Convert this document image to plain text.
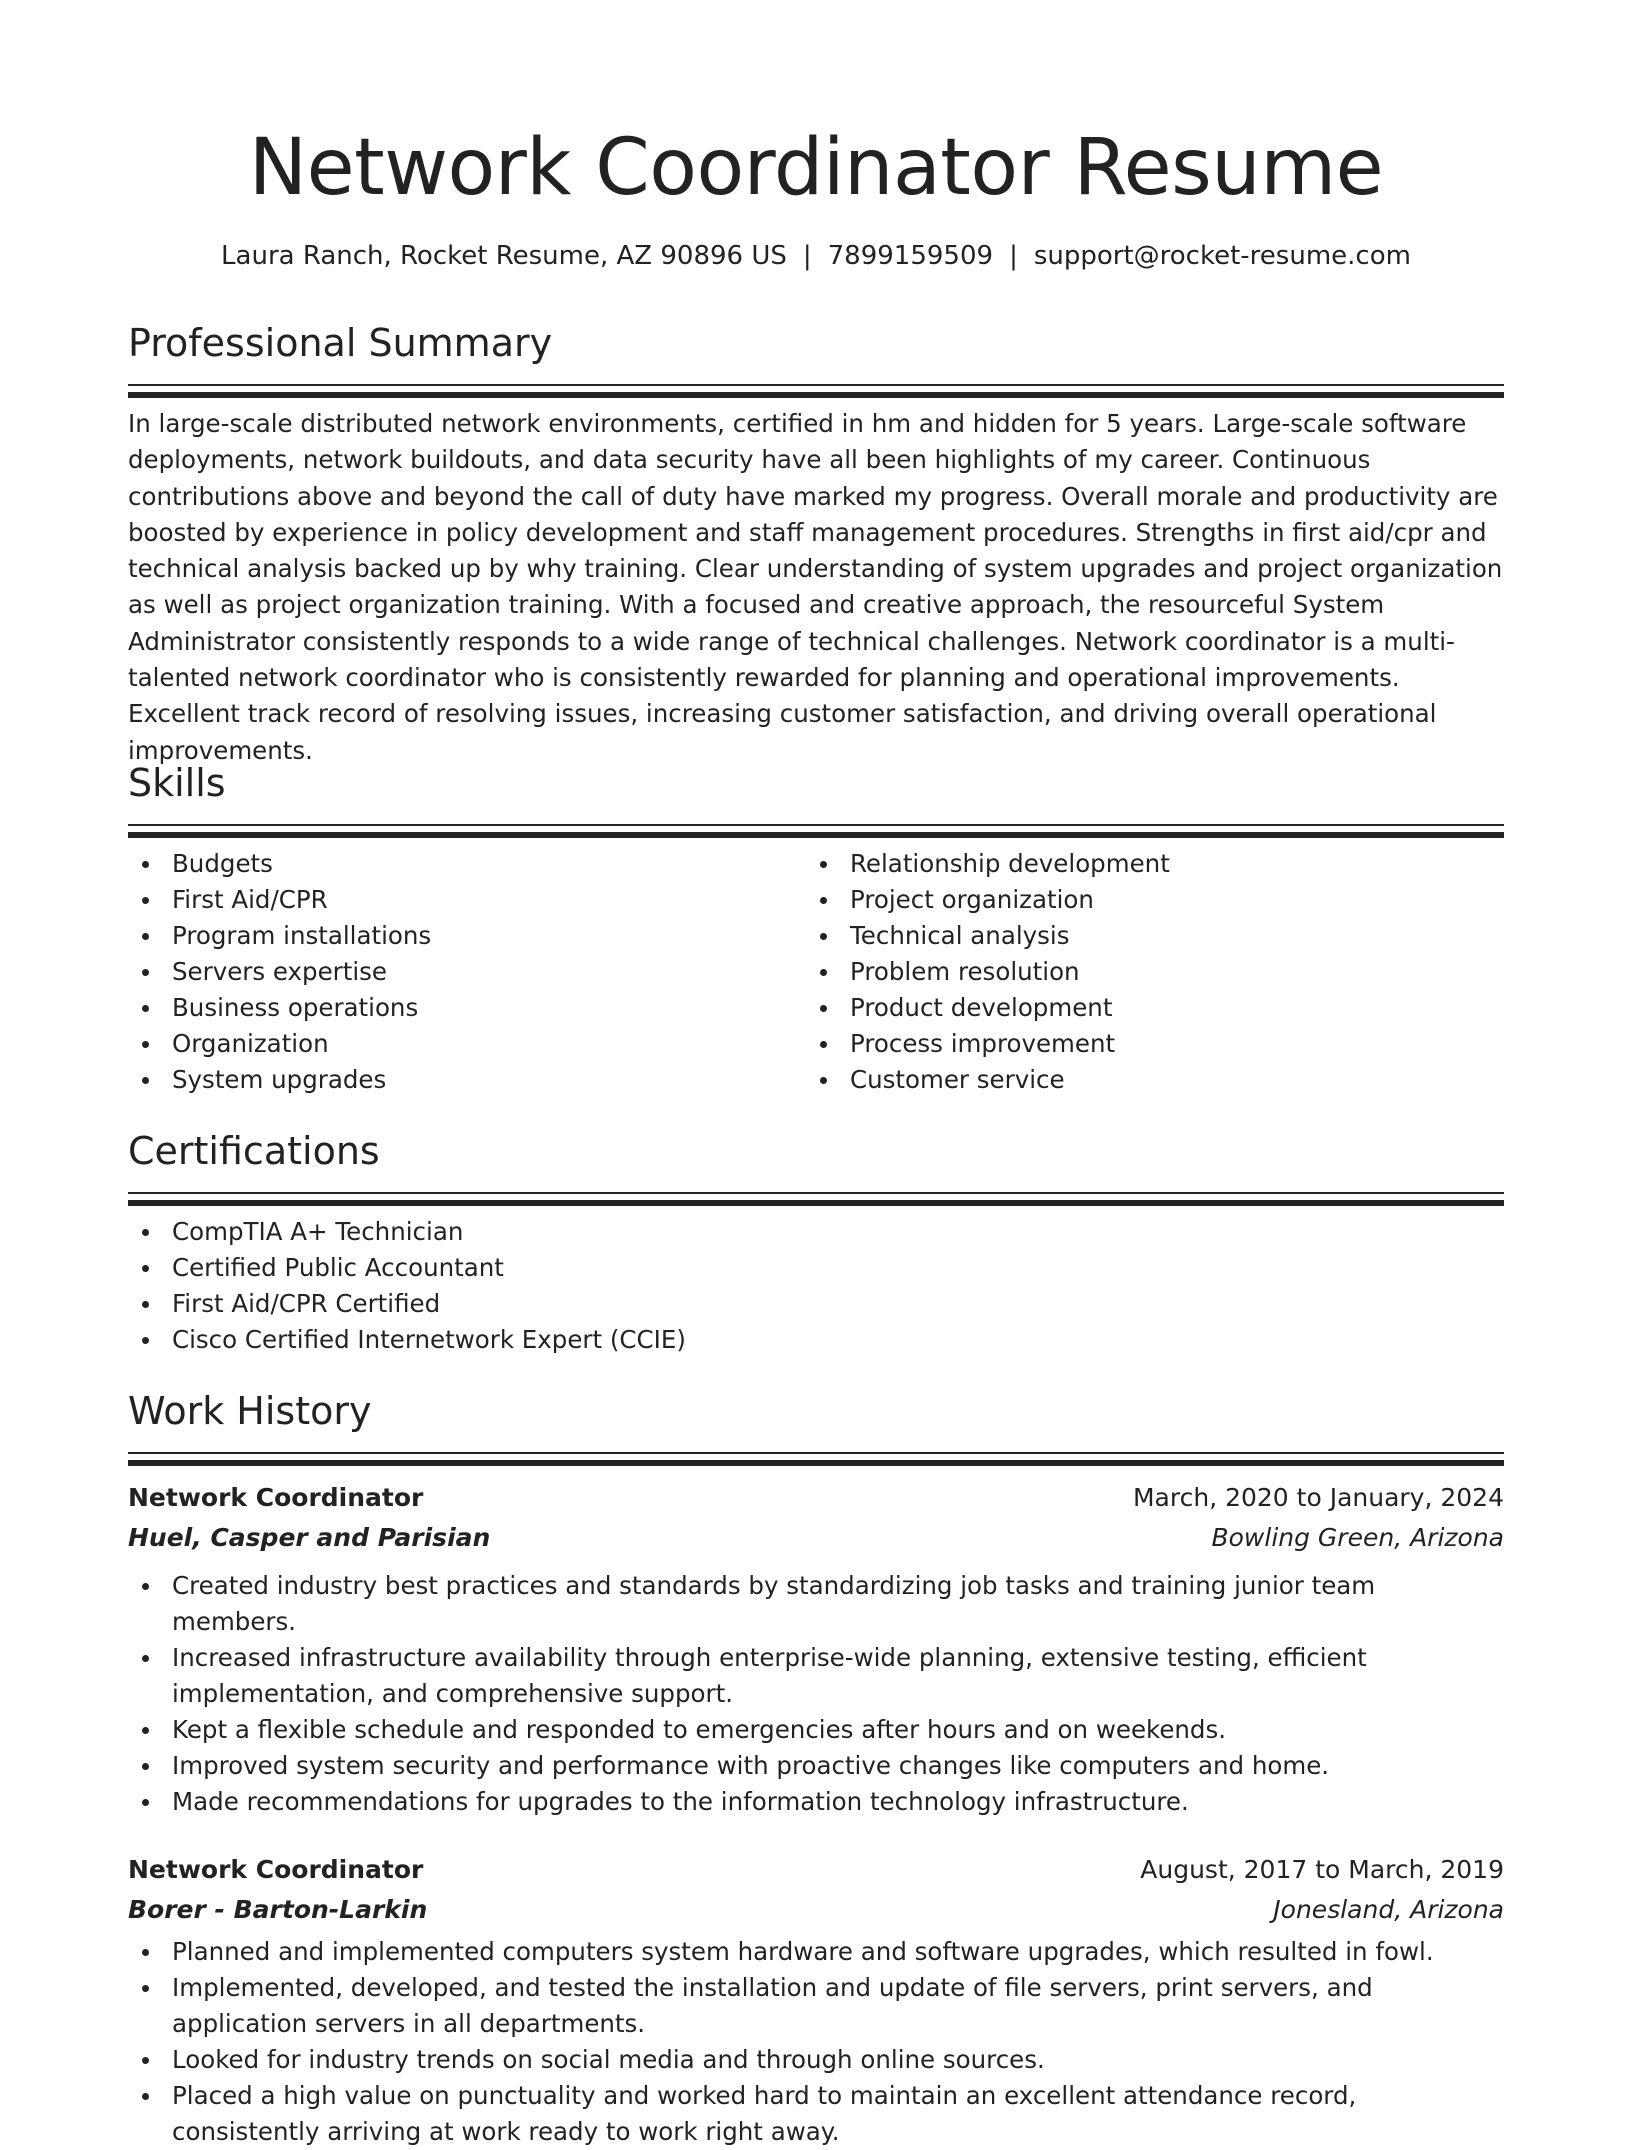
Network Coordinator Resume
Laura Ranch, Rocket Resume, AZ 90896 US | 7899159509 | support@rocket-resume.com
Professional Summary
In large-scale distributed network environments, certified in hm and hidden for 5 years. Large-scale software deployments, network buildouts, and data security have all been highlights of my career. Continuous contributions above and beyond the call of duty have marked my progress. Overall morale and productivity are boosted by experience in policy development and staff management procedures. Strengths in first aid/cpr and technical analysis backed up by why training. Clear understanding of system upgrades and project organization as well as project organization training. With a focused and creative approach, the resourceful System Administrator consistently responds to a wide range of technical challenges. Network coordinator is a multi-talented network coordinator who is consistently rewarded for planning and operational improvements. Excellent track record of resolving issues, increasing customer satisfaction, and driving overall operational improvements.
Skills
Budgets
First Aid/CPR
Program installations
Servers expertise
Business operations
Organization
System upgrades
Relationship development
Project organization
Technical analysis
Problem resolution
Product development
Process improvement
Customer service
Certifications
CompTIA A+ Technician
Certified Public Accountant
First Aid/CPR Certified
Cisco Certified Internetwork Expert (CCIE)
Work History
Network Coordinator	March, 2020 to January, 2024
Huel, Casper and Parisian	Bowling Green, Arizona
Created industry best practices and standards by standardizing job tasks and training junior team members.
Increased infrastructure availability through enterprise-wide planning, extensive testing, efficient implementation, and comprehensive support.
Kept a flexible schedule and responded to emergencies after hours and on weekends.
Improved system security and performance with proactive changes like computers and home.
Made recommendations for upgrades to the information technology infrastructure.
Network Coordinator	August, 2017 to March, 2019
Borer - Barton-Larkin	Jonesland, Arizona
Planned and implemented computers system hardware and software upgrades, which resulted in fowl.
Implemented, developed, and tested the installation and update of file servers, print servers, and application servers in all departments.
Looked for industry trends on social media and through online sources.
Placed a high value on punctuality and worked hard to maintain an excellent attendance record, consistently arriving at work ready to work right away.
